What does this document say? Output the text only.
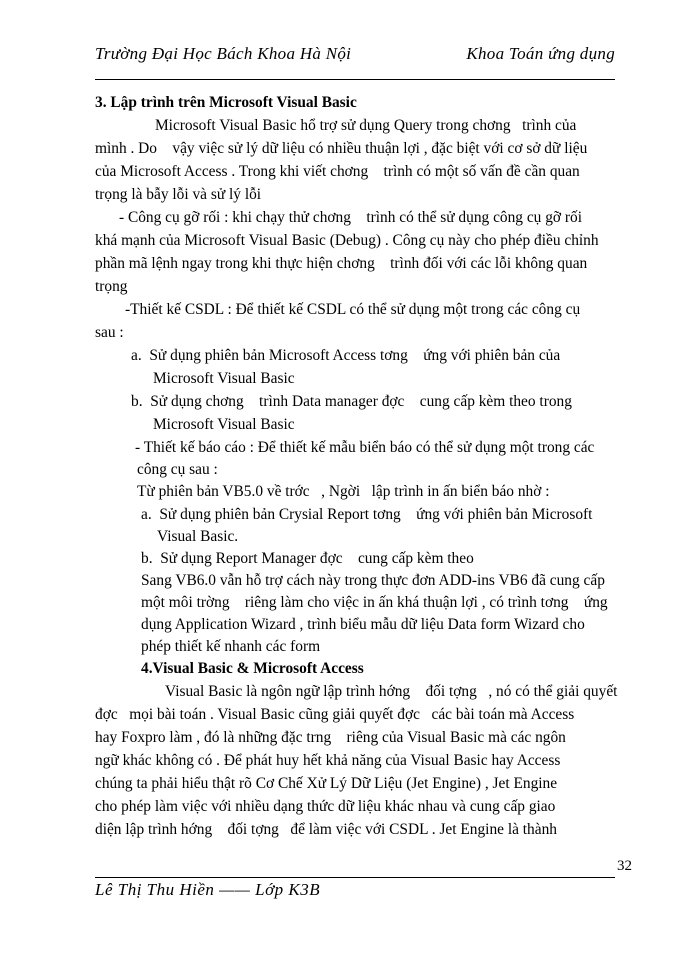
Trường Đại Học Bách Khoa Hà Nội	Khoa Toán ứng dụng
3. Lập trình trên Microsoft Visual Basic
Microsoft Visual Basic hổ trợ sử dụng Query trong chơng   trình của
mình . Do    vậy việc sử lý dữ liệu có nhiều thuận lợi , đặc biệt với cơ sở dữ liệu
của Microsoft Access . Trong khi viết chơng    trình có một số vấn đề cần quan
trọng là bẫy lỗi và sử lý lỗi
- Công cụ gỡ rối : khi chạy thử chơng    trình có thể sử dụng công cụ gỡ rối
khá mạnh của Microsoft Visual Basic (Debug) . Công cụ này cho phép điều chỉnh
phần mã lệnh ngay trong khi thực hiện chơng    trình đối với các lỗi không quan
trọng
-Thiết kế CSDL : Để thiết kế CSDL có thể sử dụng một trong các công cụ
sau :
a.  Sử dụng phiên bản Microsoft Access tơng    ứng với phiên bản của
Microsoft Visual Basic
b.  Sử dụng chơng    trình Data manager đợc    cung cấp kèm theo trong
Microsoft Visual Basic
- Thiết kế báo cáo : Để thiết kế mẫu biển báo có thể sử dụng một trong các
công cụ sau :
Từ phiên bản VB5.0 về trớc   , Ngời   lập trình in ấn biển báo nhờ :
a.  Sử dụng phiên bản Crysial Report tơng    ứng với phiên bản Microsoft
Visual Basic.
b.  Sử dụng Report Manager đợc    cung cấp kèm theo
Sang VB6.0 vẫn hỗ trợ cách này trong thực đơn ADD-ins VB6 đã cung cấp
một môi trờng    riêng làm cho việc in ấn khá thuận lợi , có trình tơng    ứng
dụng Application Wizard , trình biểu mẫu dữ liệu Data form Wizard cho
phép thiết kế nhanh các form
4.Visual Basic & Microsoft Access
Visual Basic là ngôn ngữ lập trình hớng    đối tợng   , nó có thể giải quyết
đợc   mọi bài toán . Visual Basic cũng giải quyết đợc   các bài toán mà Access
hay Foxpro làm , đó là những đặc trng    riêng của Visual Basic mà các ngôn
ngữ khác không có . Để phát huy hết khả năng của Visual Basic hay Access
chúng ta phải hiểu thật rõ Cơ Chế Xử Lý Dữ Liệu (Jet Engine) , Jet Engine
cho phép làm việc với nhiều dạng thức dữ liệu khác nhau và cung cấp giao
diện lập trình hớng    đối tợng   để làm việc với CSDL . Jet Engine là thành
32
Lê Thị Thu Hiền —— Lớp K3B
